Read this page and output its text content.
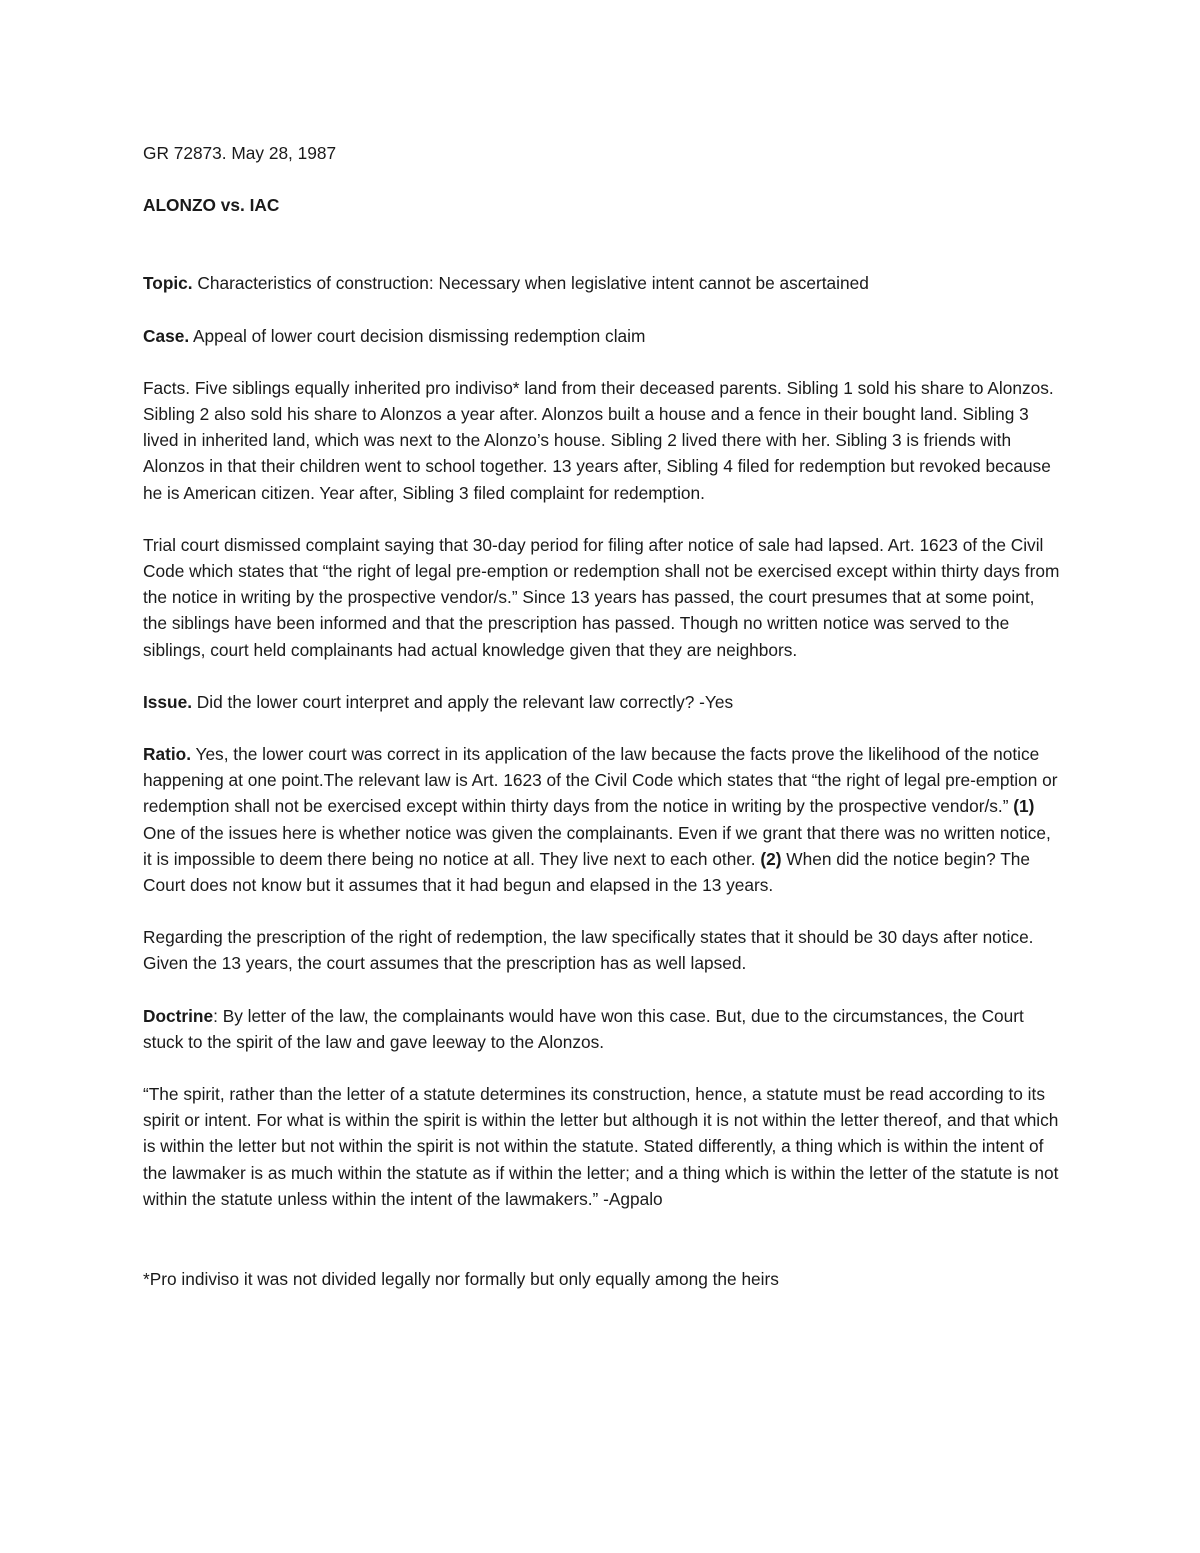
GR 72873. May 28, 1987

ALONZO vs. IAC

Topic. Characteristics of construction: Necessary when legislative intent cannot be ascertained

Case. Appeal of lower court decision dismissing redemption claim

Facts. Five siblings equally inherited pro indiviso* land from their deceased parents. Sibling 1 sold his share to Alonzos. Sibling 2 also sold his share to Alonzos a year after. Alonzos built a house and a fence in their bought land. Sibling 3 lived in inherited land, which was next to the Alonzo’s house. Sibling 2 lived there with her. Sibling 3 is friends with Alonzos in that their children went to school together. 13 years after, Sibling 4 filed for redemption but revoked because he is American citizen. Year after, Sibling 3 filed complaint for redemption.

Trial court dismissed complaint saying that 30-day period for filing after notice of sale had lapsed. Art. 1623 of the Civil Code which states that “the right of legal pre-emption or redemption shall not be exercised except within thirty days from the notice in writing by the prospective vendor/s.” Since 13 years has passed, the court presumes that at some point, the siblings have been informed and that the prescription has passed. Though no written notice was served to the siblings, court held complainants had actual knowledge given that they are neighbors.

Issue. Did the lower court interpret and apply the relevant law correctly? -Yes

Ratio. Yes, the lower court was correct in its application of the law because the facts prove the likelihood of the notice happening at one point.The relevant law is Art. 1623 of the Civil Code which states that “the right of legal pre-emption or redemption shall not be exercised except within thirty days from the notice in writing by the prospective vendor/s.” (1) One of the issues here is whether notice was given the complainants. Even if we grant that there was no written notice, it is impossible to deem there being no notice at all. They live next to each other. (2) When did the notice begin? The Court does not know but it assumes that it had begun and elapsed in the 13 years.

Regarding the prescription of the right of redemption, the law specifically states that it should be 30 days after notice. Given the 13 years, the court assumes that the prescription has as well lapsed.

Doctrine: By letter of the law, the complainants would have won this case. But, due to the circumstances, the Court stuck to the spirit of the law and gave leeway to the Alonzos.

“The spirit, rather than the letter of a statute determines its construction, hence, a statute must be read according to its spirit or intent. For what is within the spirit is within the letter but although it is not within the letter thereof, and that which is within the letter but not within the spirit is not within the statute. Stated differently, a thing which is within the intent of the lawmaker is as much within the statute as if within the letter; and a thing which is within the letter of the statute is not within the statute unless within the intent of the lawmakers.” -Agpalo

*Pro indiviso it was not divided legally nor formally but only equally among the heirs
